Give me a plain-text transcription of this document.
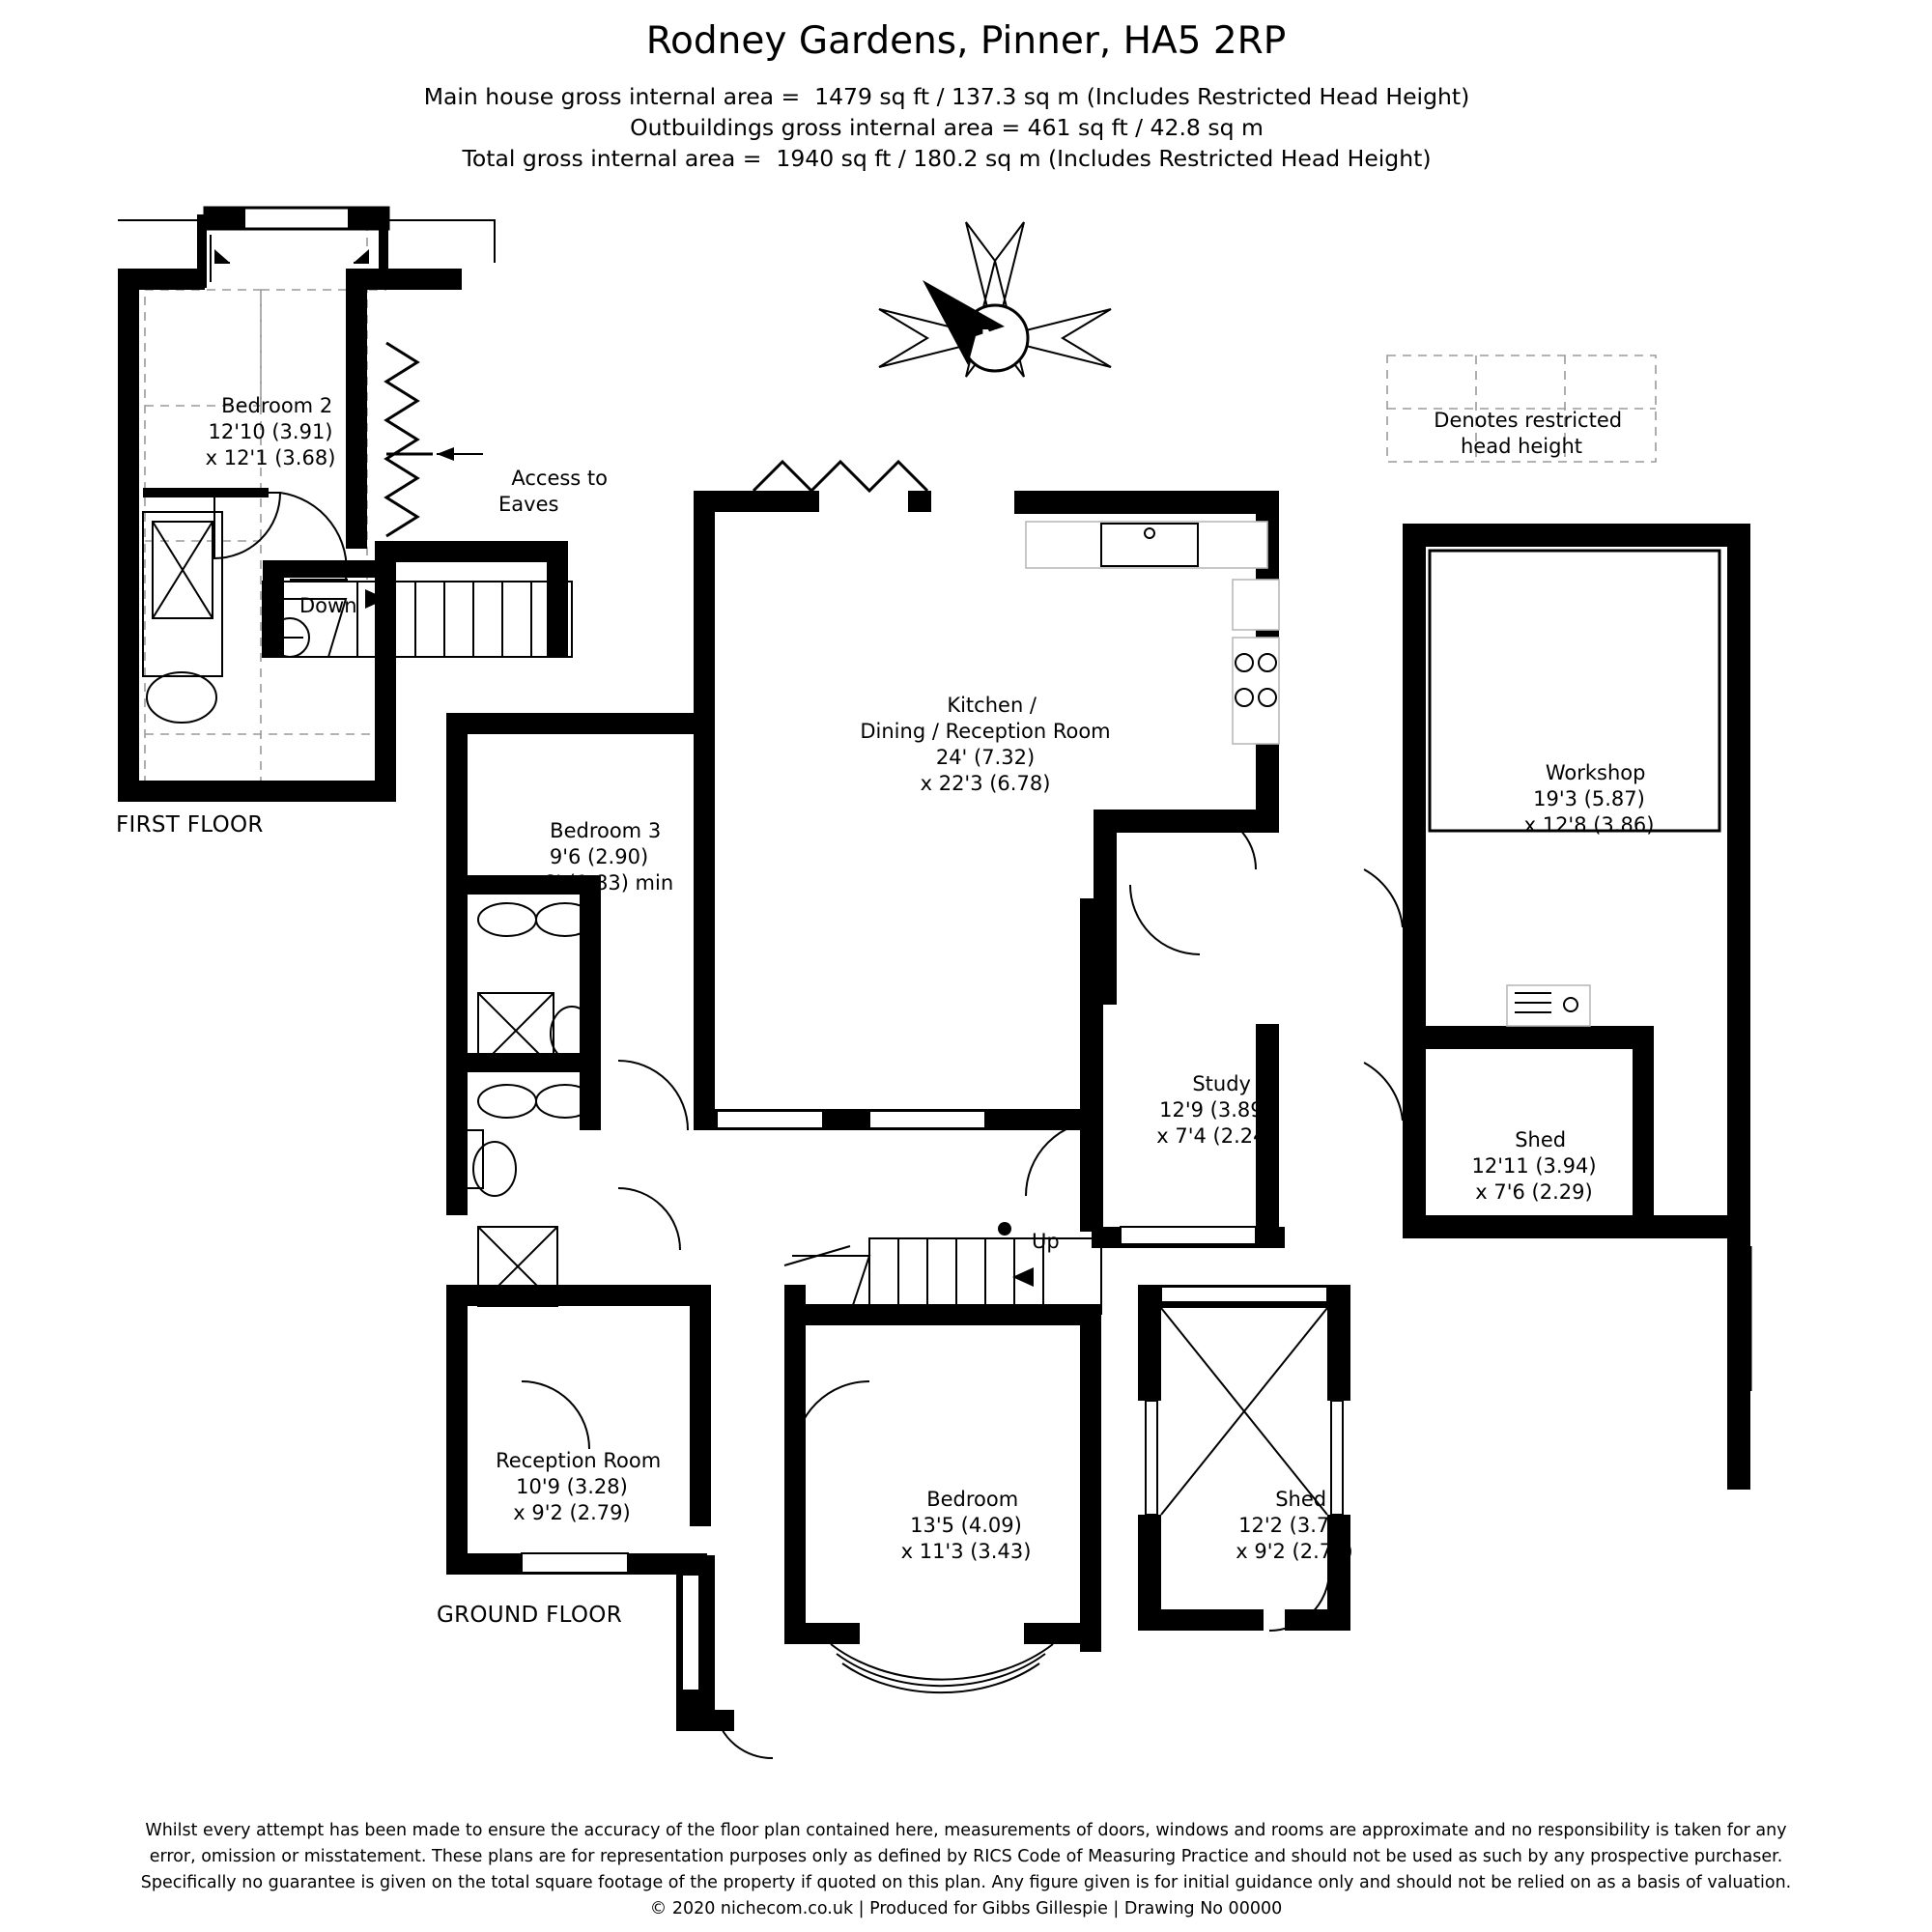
Rodney Gardens, Pinner, HA5 2RP
Main house gross internal area =  1479 sq ft / 137.3 sq m (Includes Restricted Head Height)
Outbuildings gross internal area = 461 sq ft / 42.8 sq m
Total gross internal area =  1940 sq ft / 180.2 sq m (Includes Restricted Head Height)

Bedroom 2
12'10 (3.91)
x 12'1 (3.68)

Access to
Eaves

Down
FIRST FLOOR

Kitchen /
Dining / Reception Room
24' (7.32)
x 22'3 (6.78)

Bedroom 3
9'6 (2.90)
x 6' (1.83) min

Study
12'9 (3.89)
x 7'4 (2.24)

Reception Room
10'9 (3.28)
x 9'2 (2.79)

Bedroom
13'5 (4.09)
x 11'3 (3.43)

Shed
12'2 (3.71)
x 9'2 (2.79)

Workshop
19'3 (5.87)
x 12'8 (3.86)

Shed
12'11 (3.94)
x 7'6 (2.29)

Up
GROUND FLOOR

Denotes restricted
head height

N
Whilst every attempt has been made to ensure the accuracy of the floor plan contained here, measurements of doors, windows and rooms are approximate and no responsibility is taken for any
error, omission or misstatement. These plans are for representation purposes only as defined by RICS Code of Measuring Practice and should not be used as such by any prospective purchaser.
Specifically no guarantee is given on the total square footage of the property if quoted on this plan. Any figure given is for initial guidance only and should not be relied on as a basis of valuation.
© 2020 nichecom.co.uk | Produced for Gibbs Gillespie | Drawing No 00000
